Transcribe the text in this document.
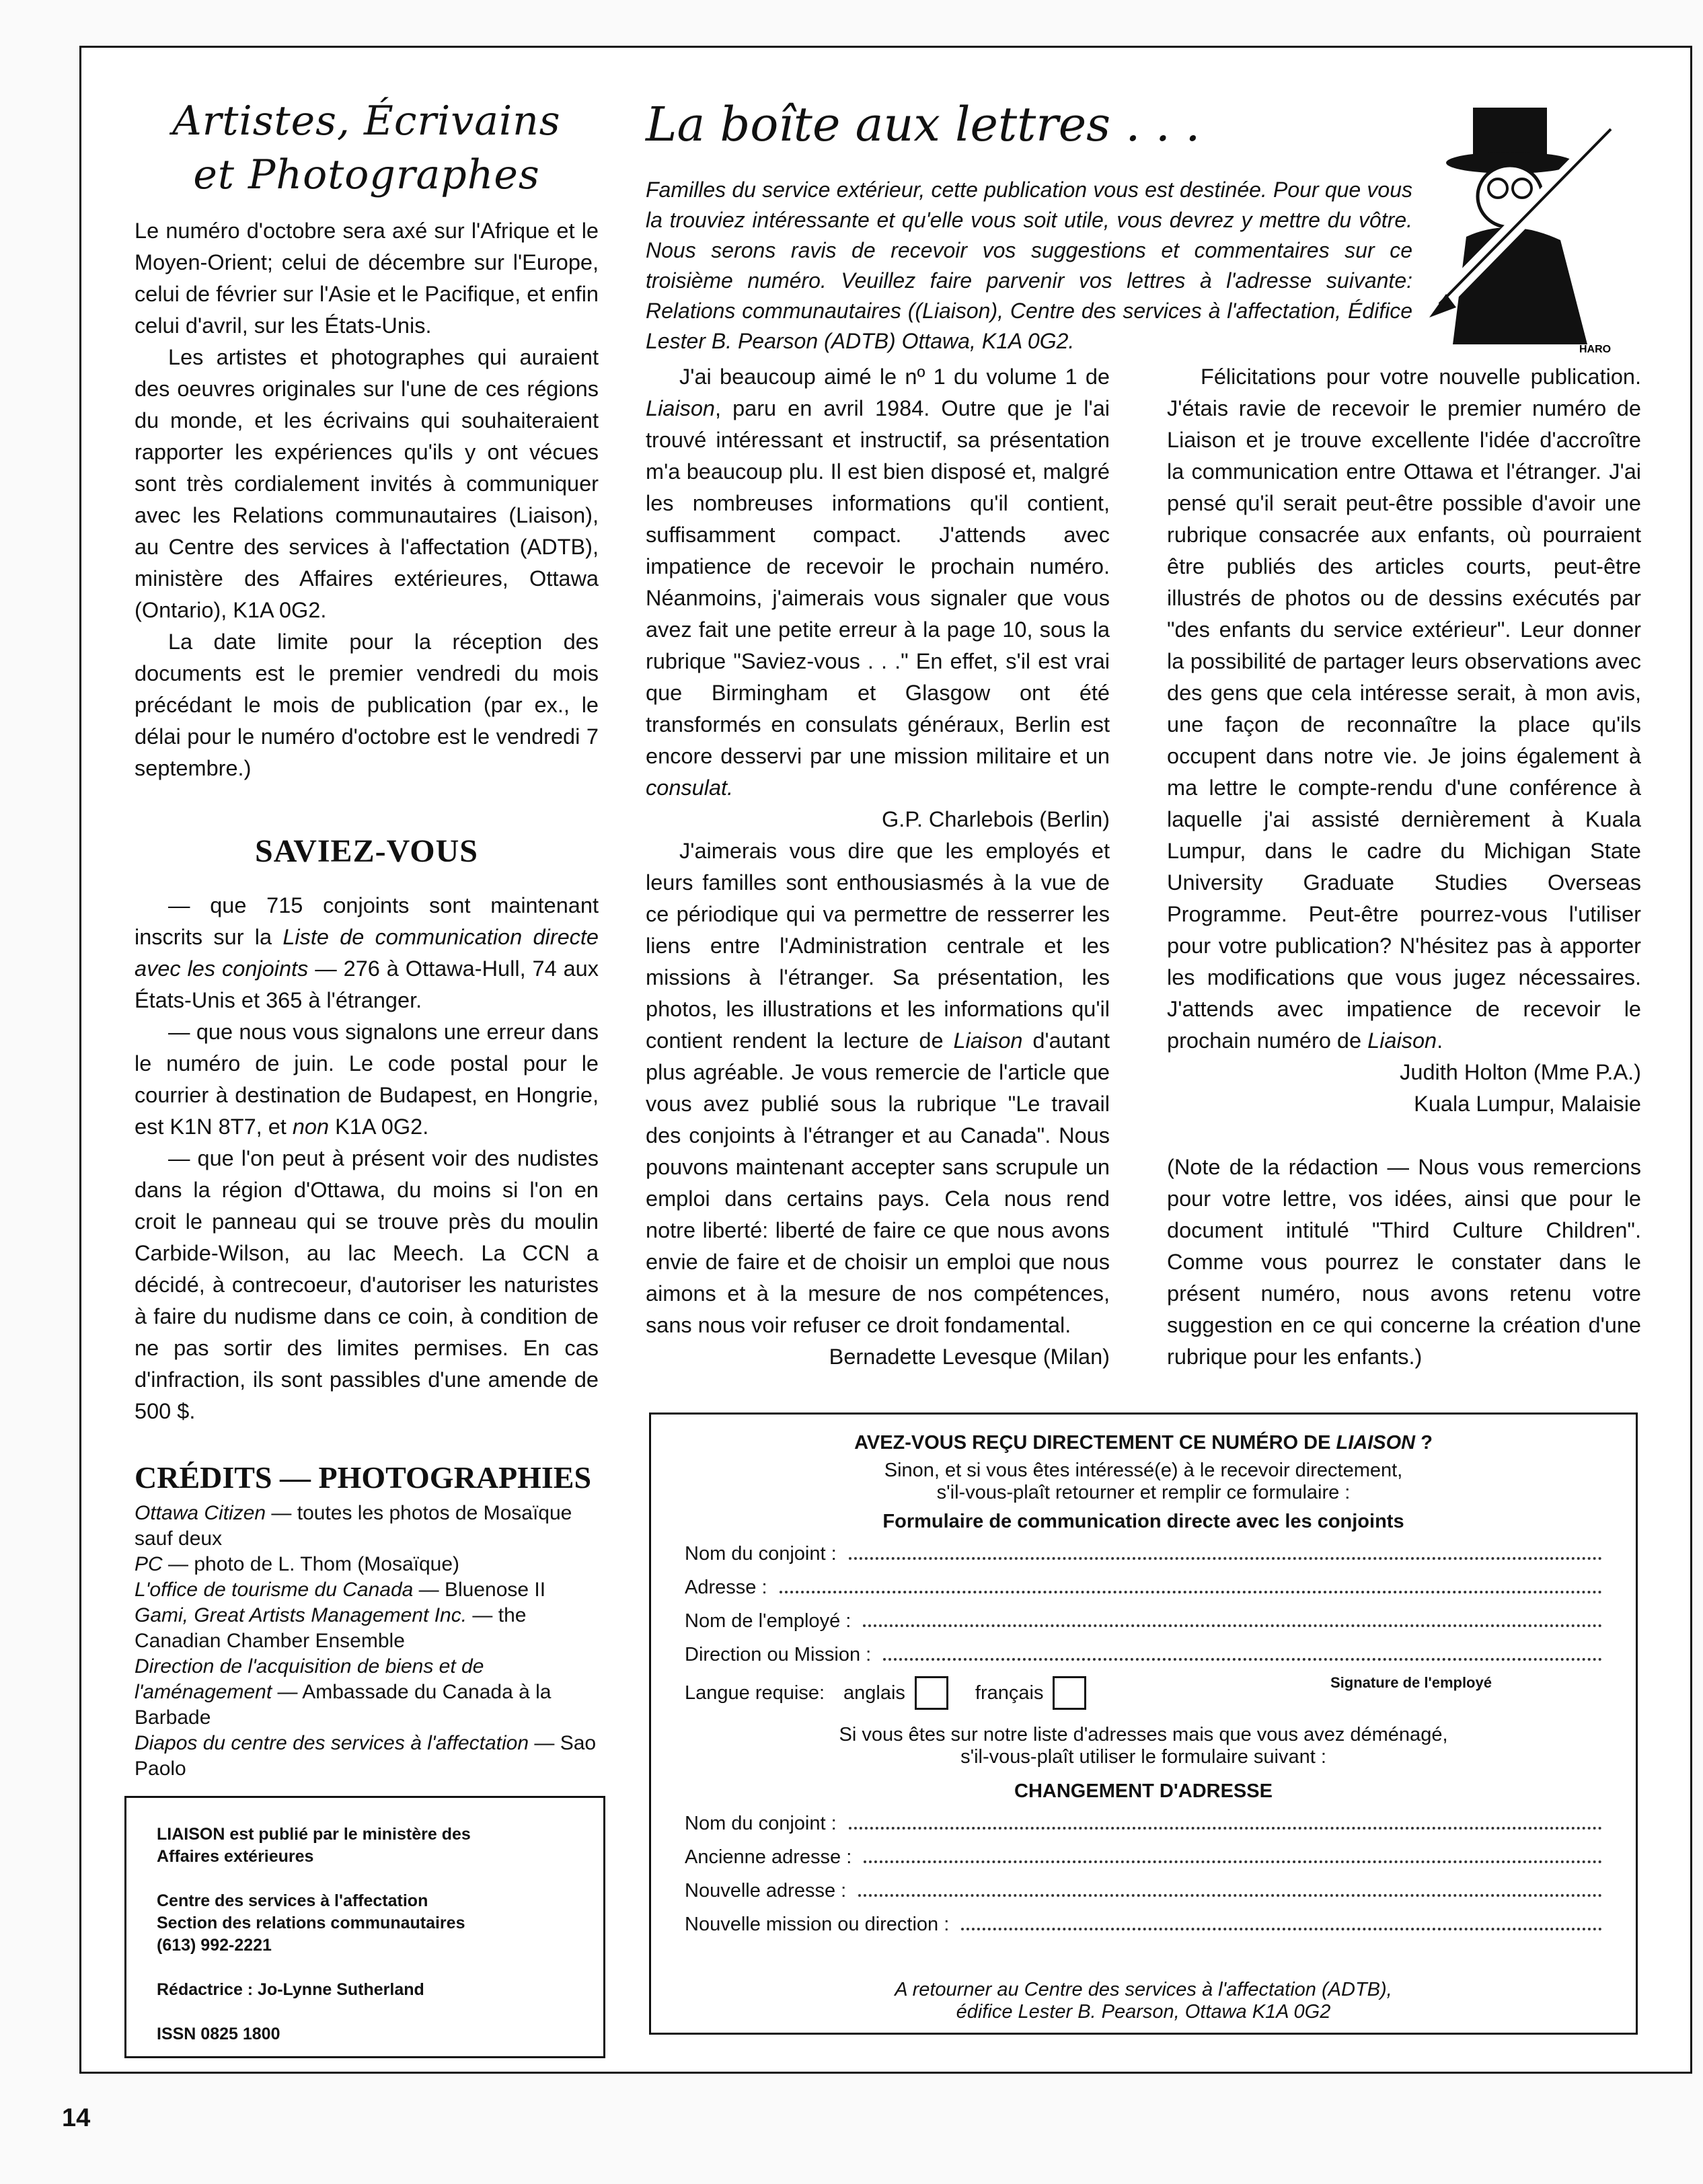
Artistes, Écrivains
et Photographes

Le numéro d'octobre sera axé sur l'Afrique et le Moyen-Orient; celui de décembre sur l'Europe, celui de février sur l'Asie et le Pacifique, et enfin celui d'avril, sur les États-Unis.

Les artistes et photographes qui auraient des oeuvres originales sur l'une de ces régions du monde, et les écrivains qui souhaiteraient rapporter les expériences qu'ils y ont vécues sont très cordialement invités à communiquer avec les Relations communautaires (Liaison), au Centre des services à l'affectation (ADTB), ministère des Affaires extérieures, Ottawa (Ontario), K1A 0G2.

La date limite pour la réception des documents est le premier vendredi du mois précédant le mois de publication (par ex., le délai pour le numéro d'octobre est le vendredi 7 septembre.)

SAVIEZ-VOUS

— que 715 conjoints sont maintenant inscrits sur la Liste de communication directe avec les conjoints — 276 à Ottawa-Hull, 74 aux États-Unis et 365 à l'étranger.

— que nous vous signalons une erreur dans le numéro de juin. Le code postal pour le courrier à destination de Budapest, en Hongrie, est K1N 8T7, et non K1A 0G2.

— que l'on peut à présent voir des nudistes dans la région d'Ottawa, du moins si l'on en croit le panneau qui se trouve près du moulin Carbide-Wilson, au lac Meech. La CCN a décidé, à contrecoeur, d'autoriser les naturistes à faire du nudisme dans ce coin, à condition de ne pas sortir des limites permises. En cas d'infraction, ils sont passibles d'une amende de 500 $.

CRÉDITS — PHOTOGRAPHIES
Ottawa Citizen — toutes les photos de Mosaïque sauf deux
PC — photo de L. Thom (Mosaïque)
L'office de tourisme du Canada — Bluenose II
Gami, Great Artists Management Inc. — the Canadian Chamber Ensemble
Direction de l'acquisition de biens et de l'aménagement — Ambassade du Canada à la Barbade
Diapos du centre des services à l'affectation — Sao Paolo
LIAISON est publié par le ministère des
Affaires extérieures
Centre des services à l'affectation
Section des relations communautaires
(613) 992-2221
Rédactrice : Jo-Lynne Sutherland
ISSN 0825 1800
La boîte aux lettres . . .
Familles du service extérieur, cette publication vous est destinée. Pour que vous la trouviez intéressante et qu'elle vous soit utile, vous devrez y mettre du vôtre. Nous serons ravis de recevoir vos suggestions et commentaires sur ce troisième numéro. Veuillez faire parvenir vos lettres à l'adresse suivante: Relations communautaires ((Liaison), Centre des services à l'affectation, Édifice Lester B. Pearson (ADTB) Ottawa, K1A 0G2.	HARO

J'ai beaucoup aimé le nº 1 du volume 1 de Liaison, paru en avril 1984. Outre que je l'ai trouvé intéressant et instructif, sa présentation m'a beaucoup plu. Il est bien disposé et, malgré les nombreuses informations qu'il contient, suffisamment compact. J'attends avec impatience de recevoir le prochain numéro. Néanmoins, j'aimerais vous signaler que vous avez fait une petite erreur à la page 10, sous la rubrique "Saviez-vous . . ." En effet, s'il est vrai que Birmingham et Glasgow ont été transformés en consulats généraux, Berlin est encore desservi par une mission militaire et un consulat.

G.P. Charlebois (Berlin)

J'aimerais vous dire que les employés et leurs familles sont enthousiasmés à la vue de ce périodique qui va permettre de resserrer les liens entre l'Administration centrale et les missions à l'étranger. Sa présentation, les photos, les illustrations et les informations qu'il contient rendent la lecture de Liaison d'autant plus agréable. Je vous remercie de l'article que vous avez publié sous la rubrique "Le travail des conjoints à l'étranger et au Canada". Nous pouvons maintenant accepter sans scrupule un emploi dans certains pays. Cela nous rend notre liberté: liberté de faire ce que nous avons envie de faire et de choisir un emploi que nous aimons et à la mesure de nos compétences, sans nous voir refuser ce droit fondamental.

Bernadette Levesque (Milan)

Félicitations pour votre nouvelle publication. J'étais ravie de recevoir le premier numéro de Liaison et je trouve excellente l'idée d'accroître la communication entre Ottawa et l'étranger. J'ai pensé qu'il serait peut-être possible d'avoir une rubrique consacrée aux enfants, où pourraient être publiés des articles courts, peut-être illustrés de photos ou de dessins exécutés par "des enfants du service extérieur". Leur donner la possibilité de partager leurs observations avec des gens que cela intéresse serait, à mon avis, une façon de reconnaître la place qu'ils occupent dans notre vie. Je joins également à ma lettre le compte-rendu d'une conférence à laquelle j'ai assisté dernièrement à Kuala Lumpur, dans le cadre du Michigan State University Graduate Studies Overseas Programme. Peut-être pourrez-vous l'utiliser pour votre publication? N'hésitez pas à apporter les modifications que vous jugez nécessaires. J'attends avec impatience de recevoir le prochain numéro de Liaison.

Judith Holton (Mme P.A.)
Kuala Lumpur, Malaisie

(Note de la rédaction — Nous vous remercions pour votre lettre, vos idées, ainsi que pour le document intitulé "Third Culture Children". Comme vous pourrez le constater dans le présent numéro, nous avons retenu votre suggestion en ce qui concerne la création d'une rubrique pour les enfants.)

AVEZ-VOUS REÇU DIRECTEMENT CE NUMÉRO DE LIAISON ?
Sinon, et si vous êtes intéressé(e) à le recevoir directement,
s'il-vous-plaît retourner et remplir ce formulaire :
Formulaire de communication directe avec les conjoints
Nom du conjoint :
Adresse :
Nom de l'employé :
Direction ou Mission :
Langue requise: anglais	français	Signature de l'employé
Si vous êtes sur notre liste d'adresses mais que vous avez déménagé,
s'il-vous-plaît utiliser le formulaire suivant :
CHANGEMENT D'ADRESSE
Nom du conjoint :
Ancienne adresse :
Nouvelle adresse :
Nouvelle mission ou direction :
A retourner au Centre des services à l'affectation (ADTB),
édifice Lester B. Pearson, Ottawa K1A 0G2
14
